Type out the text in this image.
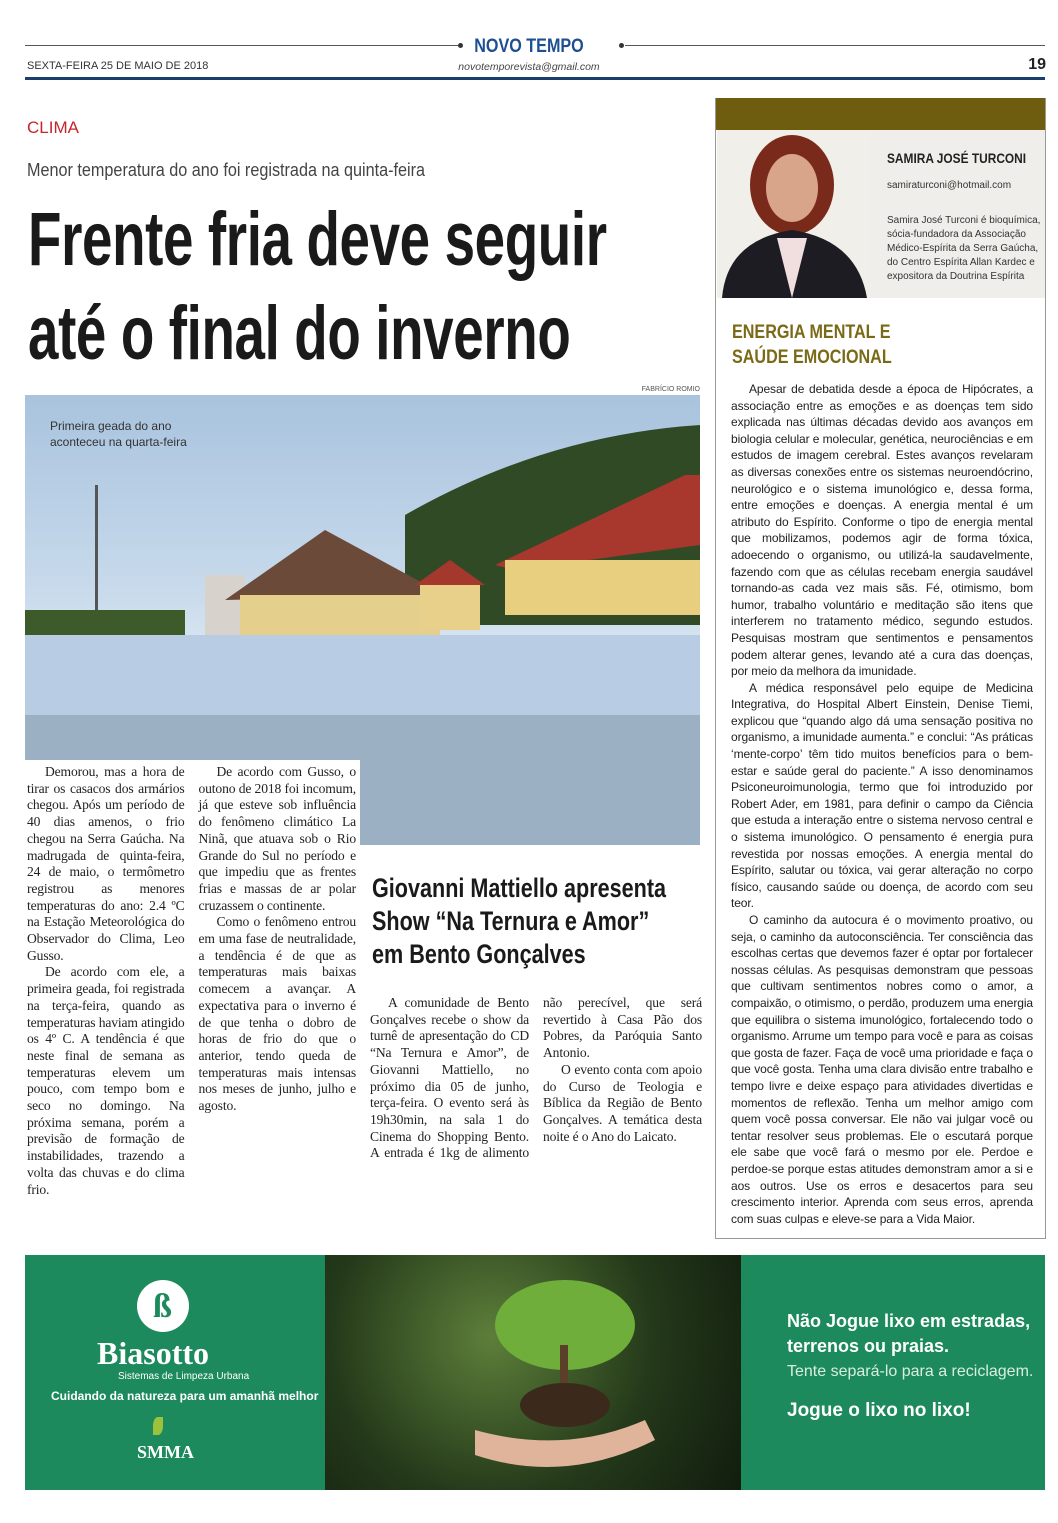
NOVO TEMPO
SEXTA-FEIRA 25 DE MAIO DE 2018	novotemporevista@gmail.com	19
CLIMA
Menor temperatura do ano foi registrada na quinta-feira
Frente fria deve seguir
até o final do inverno
FABRÍCIO ROMIO
Primeira geada do ano
aconteceu na quarta-feira

Demorou, mas a hora de tirar os casacos dos armários chegou. Após um período de 40 dias amenos, o frio chegou na Serra Gaúcha. Na madrugada de quinta-feira, 24 de maio, o termômetro registrou as menores temperaturas do ano: 2.4 ºC na Estação Meteorológica do Observador do Clima, Leo Gusso.

De acordo com ele, a primeira geada, foi registrada na terça-feira, quando as temperaturas haviam atingido os 4º C. A tendência é que neste final de semana as temperaturas elevem um pouco, com tempo bom e seco no domingo. Na próxima semana, porém a previsão de formação de instabilidades, trazendo a volta das chuvas e do clima frio.

De acordo com Gusso, o outono de 2018 foi incomum, já que esteve sob influência do fenômeno climático La Ninã, que atuava sob o Rio Grande do Sul no período e que impediu que as frentes frias e massas de ar polar cruzassem o continente.

Como o fenômeno entrou em uma fase de neutralidade, a tendência é de que as temperaturas mais baixas comecem a avançar. A expectativa para o inverno é de que tenha o dobro de horas de frio do que o anterior, tendo queda de temperaturas mais intensas nos meses de junho, julho e agosto.

Giovanni Mattiello apresenta
Show “Na Ternura e Amor”
em Bento Gonçalves

A comunidade de Bento Gonçalves recebe o show da turnê de apresentação do CD “Na Ternura e Amor”, de Giovanni Mattiello, no próximo dia 05 de junho, terça-feira. O evento será às 19h30min, na sala 1 do Cinema do Shopping Bento. A entrada é 1kg de alimento não perecível, que será revertido à Casa Pão dos Pobres, da Paróquia Santo Antonio.

O evento conta com apoio do Curso de Teologia e Bíblica da Região de Bento Gonçalves. A temática desta noite é o Ano do Laicato.

SAMIRA JOSÉ TURCONI
samiraturconi@hotmail.com
Samira José Turconi é bioquímica, sócia-fundadora da Associação Médico-Espírita da Serra Gaúcha, do Centro Espírita Allan Kardec e expositora da Doutrina Espírita
ENERGIA MENTAL E
SAÚDE EMOCIONAL

Apesar de debatida desde a época de Hipócrates, a associação entre as emoções e as doenças tem sido explicada nas últimas décadas devido aos avanços em biologia celular e molecular, genética, neurociências e em estudos de imagem cerebral. Estes avanços revelaram as diversas conexões entre os sistemas neuroendócrino, neurológico e o sistema imunológico e, dessa forma, entre emoções e doenças. A energia mental é um atributo do Espírito. Conforme o tipo de energia mental que mobilizamos, podemos agir de forma tóxica, adoecendo o organismo, ou utilizá-la saudavelmente, fazendo com que as células recebam energia saudável tornando-as cada vez mais sãs. Fé, otimismo, bom humor, trabalho voluntário e meditação são itens que interferem no tratamento médico, segundo estudos. Pesquisas mostram que sentimentos e pensamentos podem alterar genes, levando até a cura das doenças, por meio da melhora da imunidade.

A médica responsável pelo equipe de Medicina Integrativa, do Hospital Albert Einstein, Denise Tiemi, explicou que “quando algo dá uma sensação positiva no organismo, a imunidade aumenta.” e conclui: “As práticas ‘mente-corpo’ têm tido muitos benefícios para o bem-estar e saúde geral do paciente.” A isso denominamos Psiconeuroimunologia, termo que foi introduzido por Robert Ader, em 1981, para definir o campo da Ciência que estuda a interação entre o sistema nervoso central e o sistema imunológico. O pensamento é energia pura revestida por nossas emoções. A energia mental do Espírito, salutar ou tóxica, vai gerar alteração no corpo físico, causando saúde ou doença, de acordo com seu teor.

O caminho da autocura é o movimento proativo, ou seja, o caminho da autoconsciência. Ter consciência das escolhas certas que devemos fazer é optar por fortalecer nossas células. As pesquisas demonstram que pessoas que cultivam sentimentos nobres como o amor, a compaixão, o otimismo, o perdão, produzem uma energia que equilibra o sistema imunológico, fortalecendo todo o organismo. Arrume um tempo para você e para as coisas que gosta de fazer. Faça de você uma prioridade e faça o que você gosta. Tenha uma clara divisão entre trabalho e tempo livre e deixe espaço para atividades divertidas e momentos de reflexão. Tenha um melhor amigo com quem você possa conversar. Ele não vai julgar você ou tentar resolver seus problemas. Ele o escutará porque ele sabe que você fará o mesmo por ele. Perdoe e perdoe-se porque estas atitudes demonstram amor a si e aos outros. Use os erros e desacertos para seu crescimento interior. Aprenda com seus erros, aprenda com suas culpas e eleve-se para a Vida Maior.

ß
Biasotto
Sistemas de Limpeza Urbana
Cuidando da natureza para um amanhã melhor
SMMA
Não Jogue lixo em estradas,
terrenos ou praias.
Tente separá-lo para a reciclagem.
Jogue o lixo no lixo!
